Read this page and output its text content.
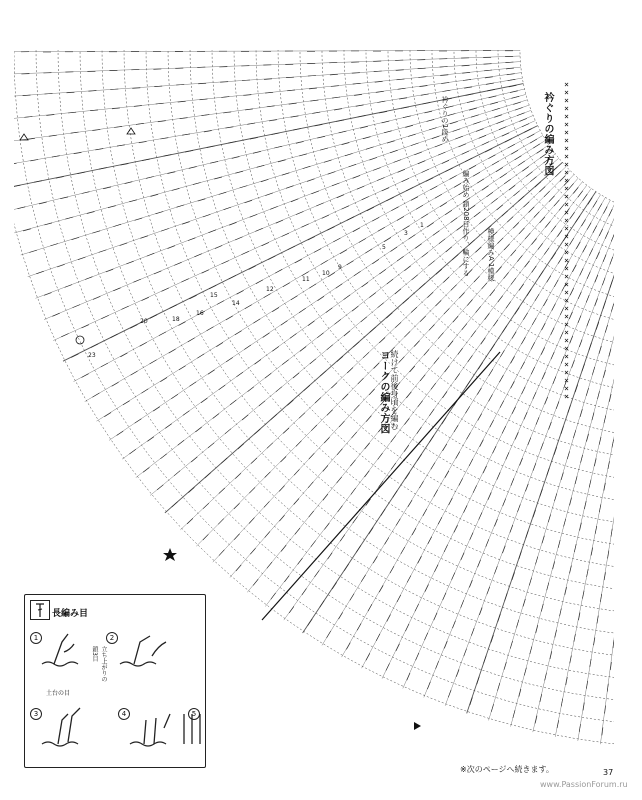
ヨークの編み方図 続けて前後身頃を編む
衿ぐりの編み方図 ××××××××××××××××××××××××××××××××××××××××
衿ぐりの1段め
編み始め 鎖208目作り、輪にする 模様編みA 1模様
23
20
15
14
16
18
12
11
10
9
5
3
1
長編み目
1	2
3	4	5
立ち上がりの鎖3目
土台の目
※次のページへ続きます。	37
www.PassionForum.ru
